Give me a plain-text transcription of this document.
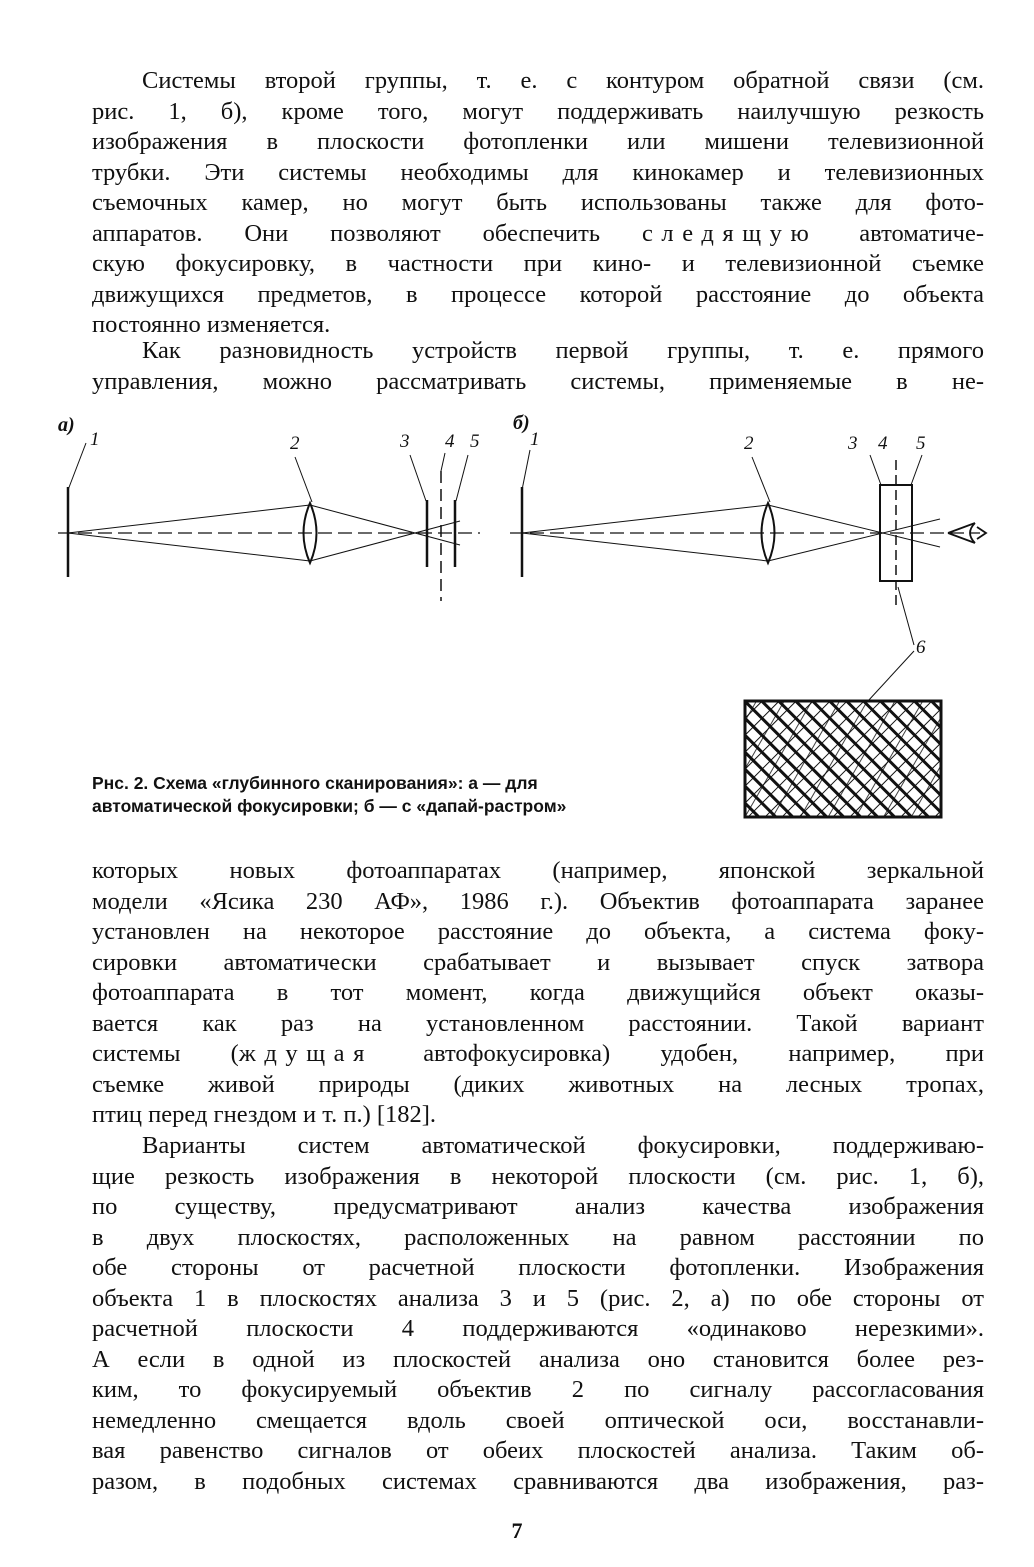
Системы второй группы, т. е. с контуром обратной связи (см.
рис. 1, б), кроме того, могут поддерживать наилучшую резкость
изображения в плоскости фотопленки или мишени телевизионной
трубки. Эти системы необходимы для кинокамер и телевизионных
съемочных камер, но могут быть использованы также для фото-
аппаратов. Они позволяют обеспечить следящую автоматиче-
скую фокусировку, в частности при кино- и телевизионной съемке
движущихся предметов, в процессе которой расстояние до объекта
постоянно изменяется.
Как разновидность устройств первой группы, т. е. прямого
управления, можно рассматривать системы, применяемые в не-
а)
1	2	3 4 5
б)
1	2	3 4 5
6
Рнс. 2. Схема «глубинного сканирования»: а — для
автоматической фокусировки; б — с «дапай-растром»
которых новых фотоаппаратах (например, японской зеркальной
модели «Ясика 230 АФ», 1986 г.). Объектив фотоаппарата заранее
установлен на некоторое расстояние до объекта, а система фоку-
сировки автоматически срабатывает и вызывает спуск затвора
фотоаппарата в тот момент, когда движущийся объект оказы-
вается как раз на установленном расстоянии. Такой вариант
системы (ждущая автофокусировка) удобен, например, при
съемке живой природы (диких животных на лесных тропах,
птиц перед гнездом и т. п.) [182].
Варианты систем автоматической фокусировки, поддерживаю-
щие резкость изображения в некоторой плоскости (см. рис. 1, б),
по существу, предусматривают анализ качества изображения
в двух плоскостях, расположенных на равном расстоянии по
обе стороны от расчетной плоскости фотопленки. Изображения
объекта 1 в плоскостях анализа 3 и 5 (рис. 2, а) по обе стороны от
расчетной плоскости 4 поддерживаются «одинаково нерезкими».
А если в одной из плоскостей анализа оно становится более рез-
ким, то фокусируемый объектив 2 по сигналу рассогласования
немедленно смещается вдоль своей оптической оси, восстанавли-
вая равенство сигналов от обеих плоскостей анализа. Таким об-
разом, в подобных системах сравниваются два изображения, раз-
7
